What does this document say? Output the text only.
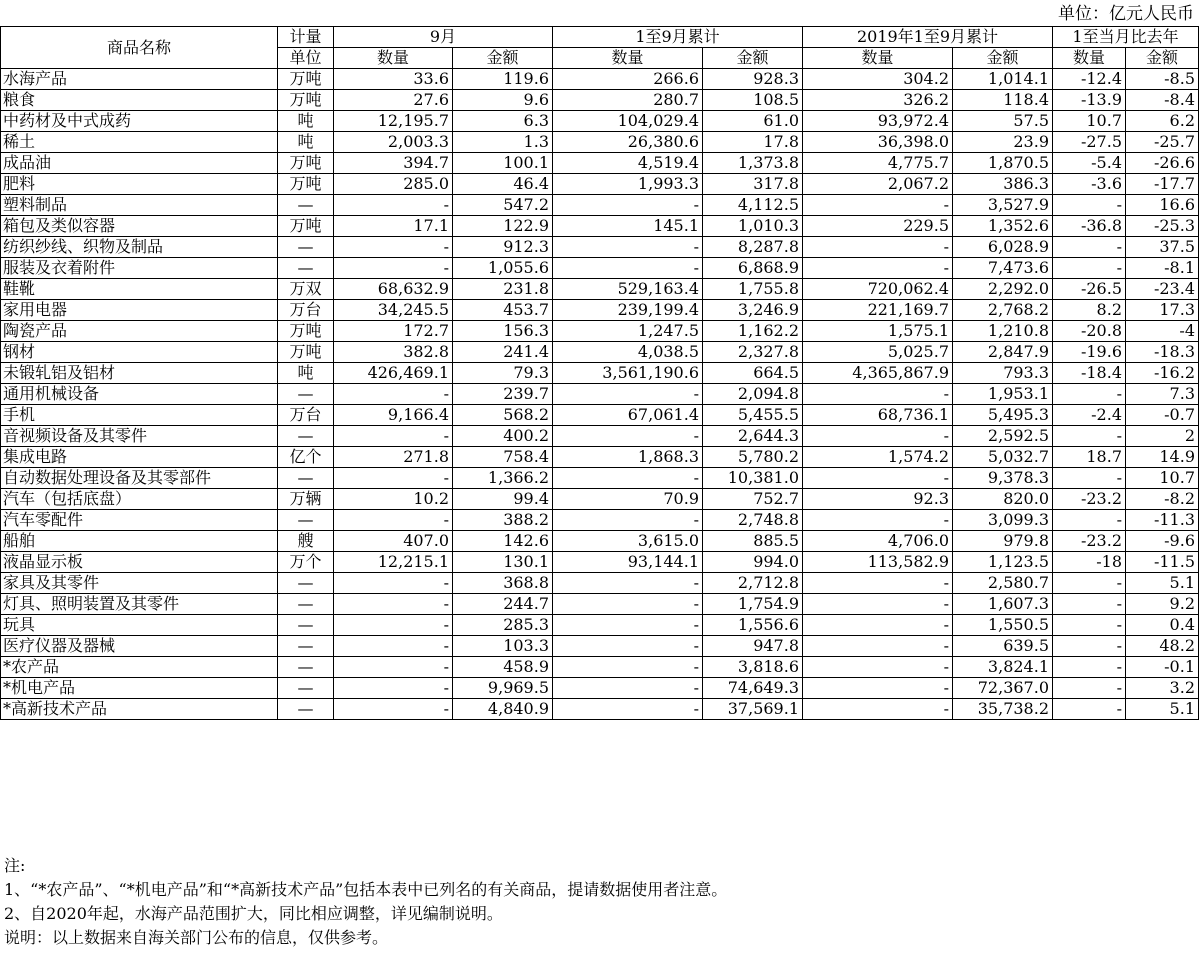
单位：亿元人民币
商品名称	计量	9月		1至9月累计		2019年1至9月累计		1至当月比去年	
	单位	数量	金额	数量	金额	数量	金额	数量	金额
水海产品	万吨	33.6	119.6	266.6	928.3	304.2	1,014.1	-12.4	-8.5
粮食	万吨	27.6	9.6	280.7	108.5	326.2	118.4	-13.9	-8.4
中药材及中式成药	吨	12,195.7	6.3	104,029.4	61.0	93,972.4	57.5	10.7	6.2
稀土	吨	2,003.3	1.3	26,380.6	17.8	36,398.0	23.9	-27.5	-25.7
成品油	万吨	394.7	100.1	4,519.4	1,373.8	4,775.7	1,870.5	-5.4	-26.6
肥料	万吨	285.0	46.4	1,993.3	317.8	2,067.2	386.3	-3.6	-17.7
塑料制品	—	-	547.2	-	4,112.5	-	3,527.9	-	16.6
箱包及类似容器	万吨	17.1	122.9	145.1	1,010.3	229.5	1,352.6	-36.8	-25.3
纺织纱线、织物及制品	—	-	912.3	-	8,287.8	-	6,028.9	-	37.5
服装及衣着附件	—	-	1,055.6	-	6,868.9	-	7,473.6	-	-8.1
鞋靴	万双	68,632.9	231.8	529,163.4	1,755.8	720,062.4	2,292.0	-26.5	-23.4
家用电器	万台	34,245.5	453.7	239,199.4	3,246.9	221,169.7	2,768.2	8.2	17.3
陶瓷产品	万吨	172.7	156.3	1,247.5	1,162.2	1,575.1	1,210.8	-20.8	-4
钢材	万吨	382.8	241.4	4,038.5	2,327.8	5,025.7	2,847.9	-19.6	-18.3
未锻轧铝及铝材	吨	426,469.1	79.3	3,561,190.6	664.5	4,365,867.9	793.3	-18.4	-16.2
通用机械设备	—	-	239.7	-	2,094.8	-	1,953.1	-	7.3
手机	万台	9,166.4	568.2	67,061.4	5,455.5	68,736.1	5,495.3	-2.4	-0.7
音视频设备及其零件	—	-	400.2	-	2,644.3	-	2,592.5	-	2
集成电路	亿个	271.8	758.4	1,868.3	5,780.2	1,574.2	5,032.7	18.7	14.9
自动数据处理设备及其零部件	—	-	1,366.2	-	10,381.0	-	9,378.3	-	10.7
汽车（包括底盘）	万辆	10.2	99.4	70.9	752.7	92.3	820.0	-23.2	-8.2
汽车零配件	—	-	388.2	-	2,748.8	-	3,099.3	-	-11.3
船舶	艘	407.0	142.6	3,615.0	885.5	4,706.0	979.8	-23.2	-9.6
液晶显示板	万个	12,215.1	130.1	93,144.1	994.0	113,582.9	1,123.5	-18	-11.5
家具及其零件	—	-	368.8	-	2,712.8	-	2,580.7	-	5.1
灯具、照明装置及其零件	—	-	244.7	-	1,754.9	-	1,607.3	-	9.2
玩具	—	-	285.3	-	1,556.6	-	1,550.5	-	0.4
医疗仪器及器械	—	-	103.3	-	947.8	-	639.5	-	48.2
*农产品	—	-	458.9	-	3,818.6	-	3,824.1	-	-0.1
*机电产品	—	-	9,969.5	-	74,649.3	-	72,367.0	-	3.2
*高新技术产品	—	-	4,840.9	-	37,569.1	-	35,738.2	-	5.1
注:
1、“*农产品”、“*机电产品”和“*高新技术产品”包括本表中已列名的有关商品，提请数据使用者注意。
2、自2020年起，水海产品范围扩大，同比相应调整，详见编制说明。
说明：以上数据来自海关部门公布的信息，仅供参考。
